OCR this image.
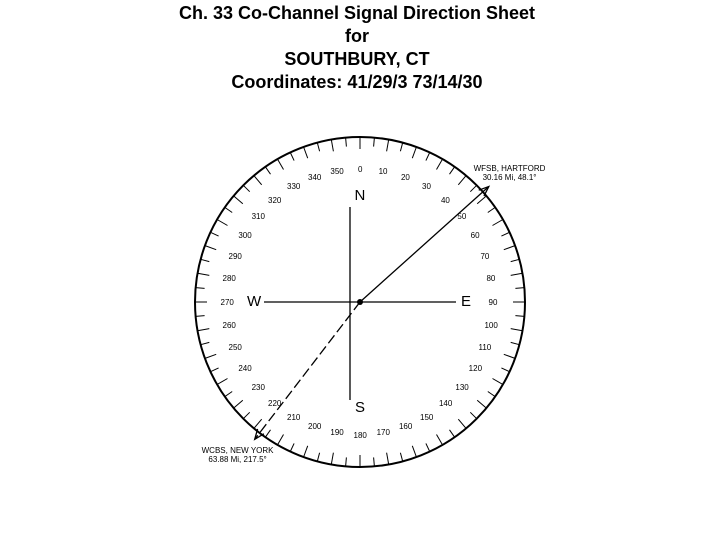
Ch. 33 Co-Channel Signal Direction Sheet
for
SOUTHBURY, CT
Coordinates: 41/29/3 73/14/30
0 10
20
30
40
50
60
70
80
90
100
110
120
130
140
150
160
170
180
190
200
210
220
230
240
250
260
270
280
290
300
310
320
330
340
350
N
E
S
W
WFSB, HARTFORD
30.16 Mi, 48.1°
WCBS, NEW YORK
63.88 Mi, 217.5°
